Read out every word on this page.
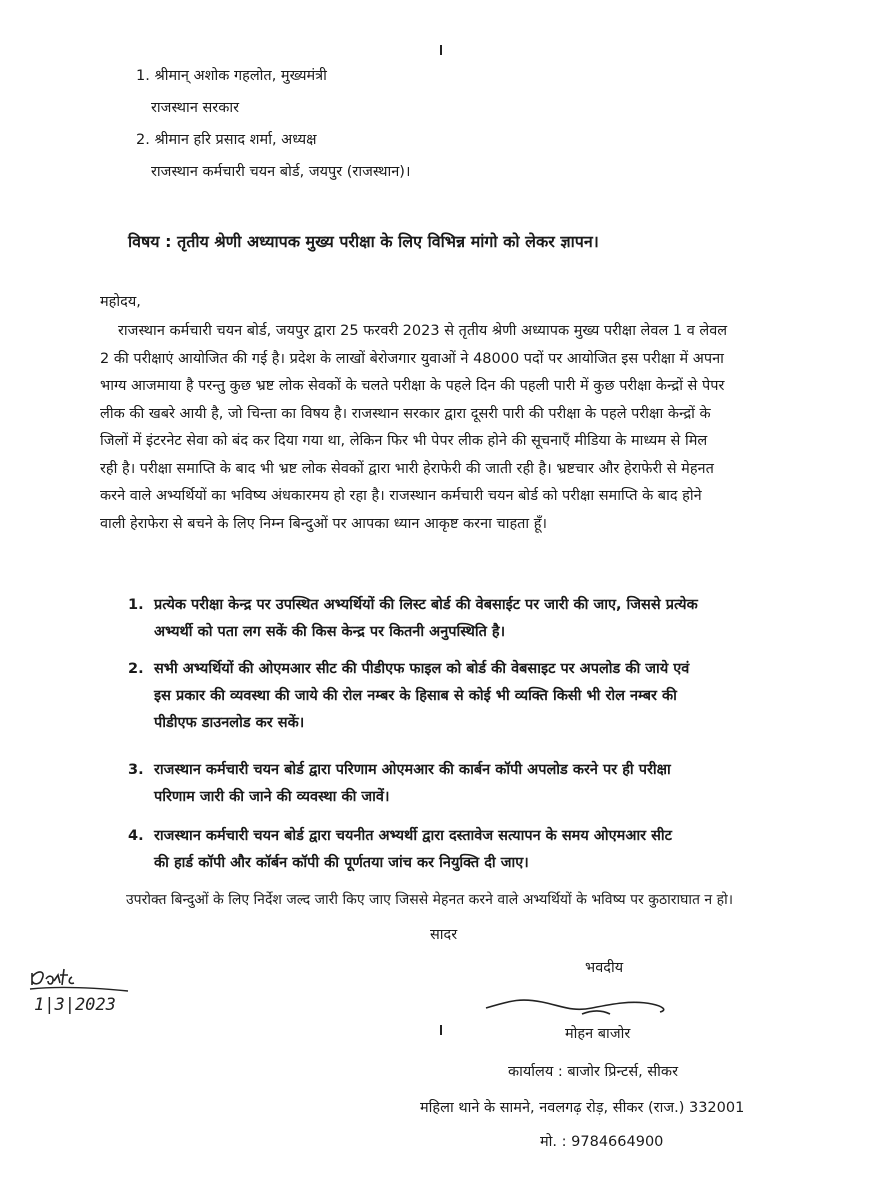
1. श्रीमान् अशोक गहलोत, मुख्यमंत्री
राजस्थान सरकार
2. श्रीमान हरि प्रसाद शर्मा, अध्यक्ष
राजस्थान कर्मचारी चयन बोर्ड, जयपुर (राजस्थान)।
विषय : तृतीय श्रेणी अध्यापक मुख्य परीक्षा के लिए विभिन्न मांगो को लेकर ज्ञापन।
महोदय,
राजस्थान कर्मचारी चयन बोर्ड, जयपुर द्वारा 25 फरवरी 2023 से तृतीय श्रेणी अध्यापक मुख्य परीक्षा लेवल 1 व लेवल
2 की परीक्षाएं आयोजित की गई है। प्रदेश के लाखों बेरोजगार युवाओं ने 48000 पदों पर आयोजित इस परीक्षा में अपना
भाग्य आजमाया है परन्तु कुछ भ्रष्ट लोक सेवकों के चलते परीक्षा के पहले दिन की पहली पारी में कुछ परीक्षा केन्द्रों से पेपर
लीक की खबरे आयी है, जो चिन्ता का विषय है। राजस्थान सरकार द्वारा दूसरी पारी की परीक्षा के पहले परीक्षा केन्द्रों के
जिलों में इंटरनेट सेवा को बंद कर दिया गया था, लेकिन फिर भी पेपर लीक होने की सूचनाएँ मीडिया के माध्यम से मिल
रही है। परीक्षा समाप्ति के बाद भी भ्रष्ट लोक सेवकों द्वारा भारी हेराफेरी की जाती रही है। भ्रष्टचार और हेराफेरी से मेहनत
करने वाले अभ्यर्थियों का भविष्य अंधकारमय हो रहा है। राजस्थान कर्मचारी चयन बोर्ड को परीक्षा समाप्ति के बाद होने
वाली हेराफेरा से बचने के लिए निम्न बिन्दुओं पर आपका ध्यान आकृष्ट करना चाहता हूँ।
1. प्रत्येक परीक्षा केन्द्र पर उपस्थित अभ्यर्थियों की लिस्ट बोर्ड की वेबसाईट पर जारी की जाए, जिससे प्रत्येक
अभ्यर्थी को पता लग सकें की किस केन्द्र पर कितनी अनुपस्थिति है।
2. सभी अभ्यर्थियों की ओएमआर सीट की पीडीएफ फाइल को बोर्ड की वेबसाइट पर अपलोड की जाये एवं
इस प्रकार की व्यवस्था की जाये की रोल नम्बर के हिसाब से कोई भी व्यक्ति किसी भी रोल नम्बर की
पीडीएफ डाउनलोड कर सकें।
3. राजस्थान कर्मचारी चयन बोर्ड द्वारा परिणाम ओएमआर की कार्बन कॉपी अपलोड करने पर ही परीक्षा
परिणाम जारी की जाने की व्यवस्था की जावें।
4. राजस्थान कर्मचारी चयन बोर्ड द्वारा चयनीत अभ्यर्थी द्वारा दस्तावेज सत्यापन के समय ओएमआर सीट
की हार्ड कॉपी और कॉर्बन कॉपी की पूर्णतया जांच कर नियुक्ति दी जाए।
उपरोक्त बिन्दुओं के लिए निर्देश जल्द जारी किए जाए जिससे मेहनत करने वाले अभ्यर्थियों के भविष्य पर कुठाराघात न हो।
सादर
भवदीय
1|3|2023
मोहन बाजोर
कार्यालय : बाजोर प्रिन्टर्स, सीकर
महिला थाने के सामने, नवलगढ़ रोड़, सीकर (राज.) 332001
मो. : 9784664900
